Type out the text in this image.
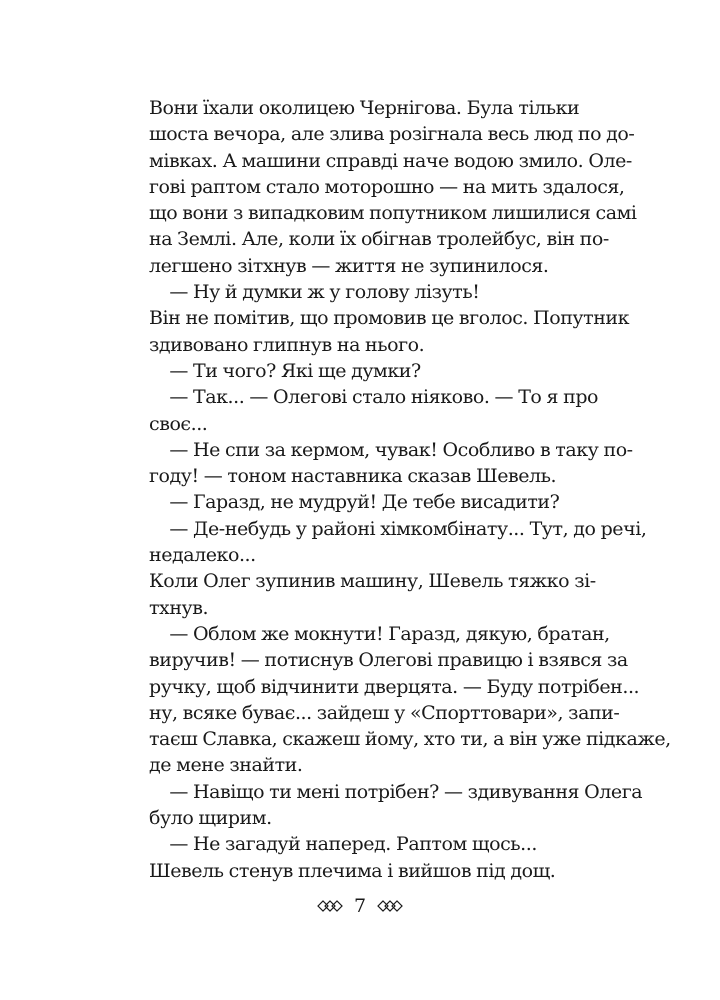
Вони їхали околицею Чернігова. Була тільки
шоста вечора, але злива розігнала весь люд по до-
мівках. А машини справді наче водою змило. Оле-
гові раптом стало моторошно — на мить здалося,
що вони з випадковим попутником лишилися самі
на Землі. Але, коли їх обігнав тролейбус, він по-
легшено зітхнув — життя не зупинилося.
— Ну й думки ж у голову лізуть!
Він не помітив, що промовив це вголос. Попутник
здивовано глипнув на нього.
— Ти чого? Які ще думки?
— Так... — Олегові стало ніяково. — То я про
своє...
— Не спи за кермом, чувак! Особливо в таку по-
году! — тоном наставника сказав Шевель.
— Гаразд, не мудруй! Де тебе висадити?
— Де-небудь у районі хімкомбінату... Тут, до речі,
недалеко...
Коли Олег зупинив машину, Шевель тяжко зі-
тхнув.
— Облом же мокнути! Гаразд, дякую, братан,
виручив! — потиснув Олегові правицю і взявся за
ручку, щоб відчинити дверцята. — Буду потрібен...
ну, всяке буває... зайдеш у «Спорттовари», запи-
таєш Славка, скажеш йому, хто ти, а він уже підкаже,
де мене знайти.
— Навіщо ти мені потрібен? — здивування Олега
було щирим.
— Не загадуй наперед. Раптом щось...
Шевель стенув плечима і вийшов під дощ.
7
